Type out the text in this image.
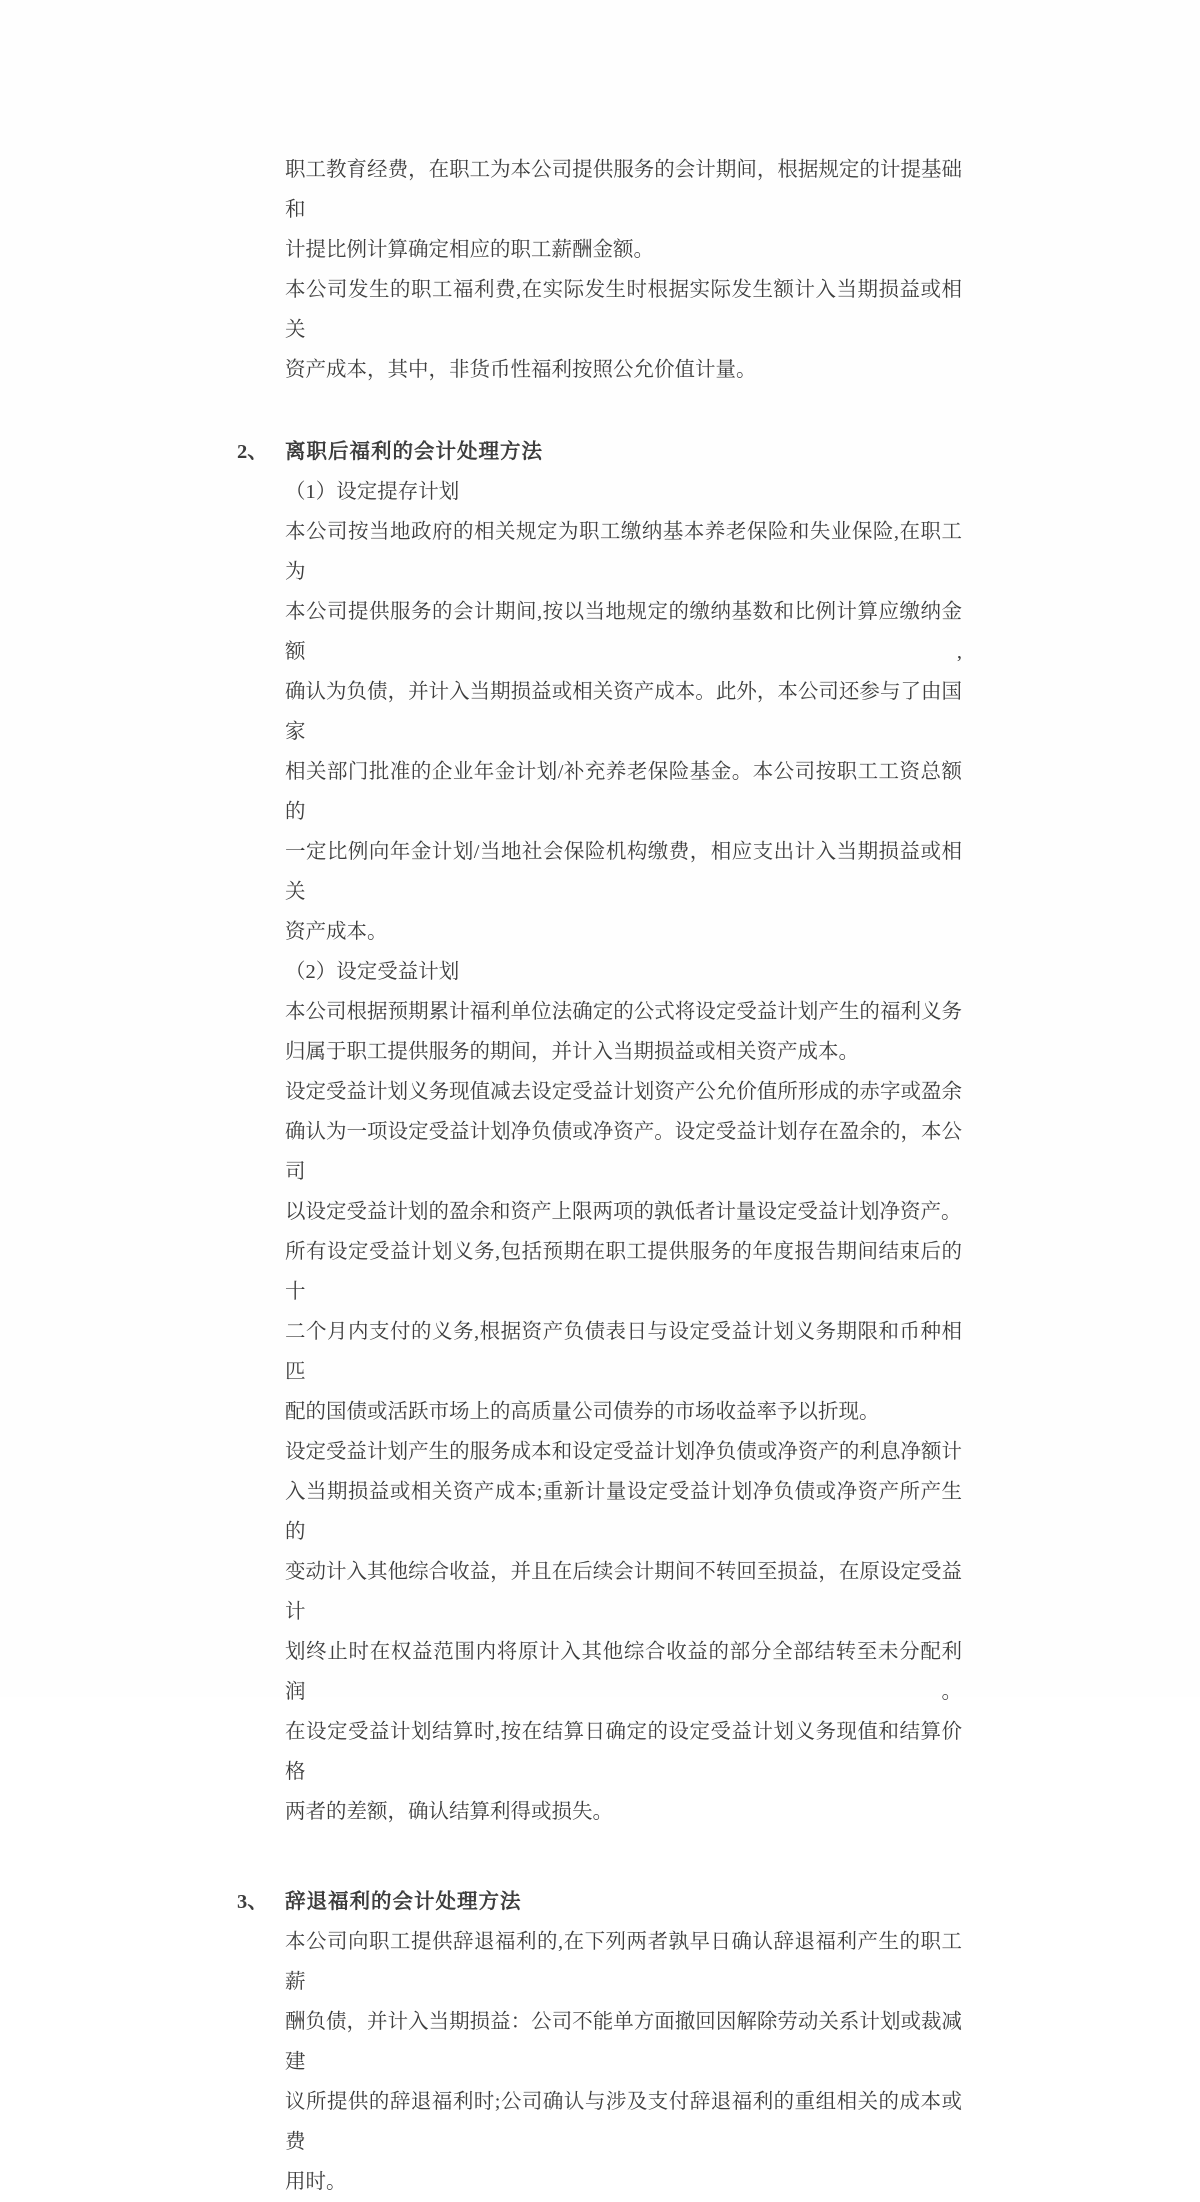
职工教育经费，在职工为本公司提供服务的会计期间，根据规定的计提基础和
计提比例计算确定相应的职工薪酬金额。
本公司发生的职工福利费,在实际发生时根据实际发生额计入当期损益或相关
资产成本，其中，非货币性福利按照公允价值计量。
2、 离职后福利的会计处理方法
（1）设定提存计划
本公司按当地政府的相关规定为职工缴纳基本养老保险和失业保险,在职工为
本公司提供服务的会计期间,按以当地规定的缴纳基数和比例计算应缴纳金额,
确认为负债，并计入当期损益或相关资产成本。此外，本公司还参与了由国家
相关部门批准的企业年金计划/补充养老保险基金。本公司按职工工资总额的
一定比例向年金计划/当地社会保险机构缴费，相应支出计入当期损益或相关
资产成本。
（2）设定受益计划
本公司根据预期累计福利单位法确定的公式将设定受益计划产生的福利义务
归属于职工提供服务的期间，并计入当期损益或相关资产成本。
设定受益计划义务现值减去设定受益计划资产公允价值所形成的赤字或盈余
确认为一项设定受益计划净负债或净资产。设定受益计划存在盈余的，本公司
以设定受益计划的盈余和资产上限两项的孰低者计量设定受益计划净资产。
所有设定受益计划义务,包括预期在职工提供服务的年度报告期间结束后的十
二个月内支付的义务,根据资产负债表日与设定受益计划义务期限和币种相匹
配的国债或活跃市场上的高质量公司债券的市场收益率予以折现。
设定受益计划产生的服务成本和设定受益计划净负债或净资产的利息净额计
入当期损益或相关资产成本;重新计量设定受益计划净负债或净资产所产生的
变动计入其他综合收益，并且在后续会计期间不转回至损益，在原设定受益计
划终止时在权益范围内将原计入其他综合收益的部分全部结转至未分配利润。
在设定受益计划结算时,按在结算日确定的设定受益计划义务现值和结算价格
两者的差额，确认结算利得或损失。
3、 辞退福利的会计处理方法
本公司向职工提供辞退福利的,在下列两者孰早日确认辞退福利产生的职工薪
酬负债，并计入当期损益：公司不能单方面撤回因解除劳动关系计划或裁减建
议所提供的辞退福利时;公司确认与涉及支付辞退福利的重组相关的成本或费
用时。
